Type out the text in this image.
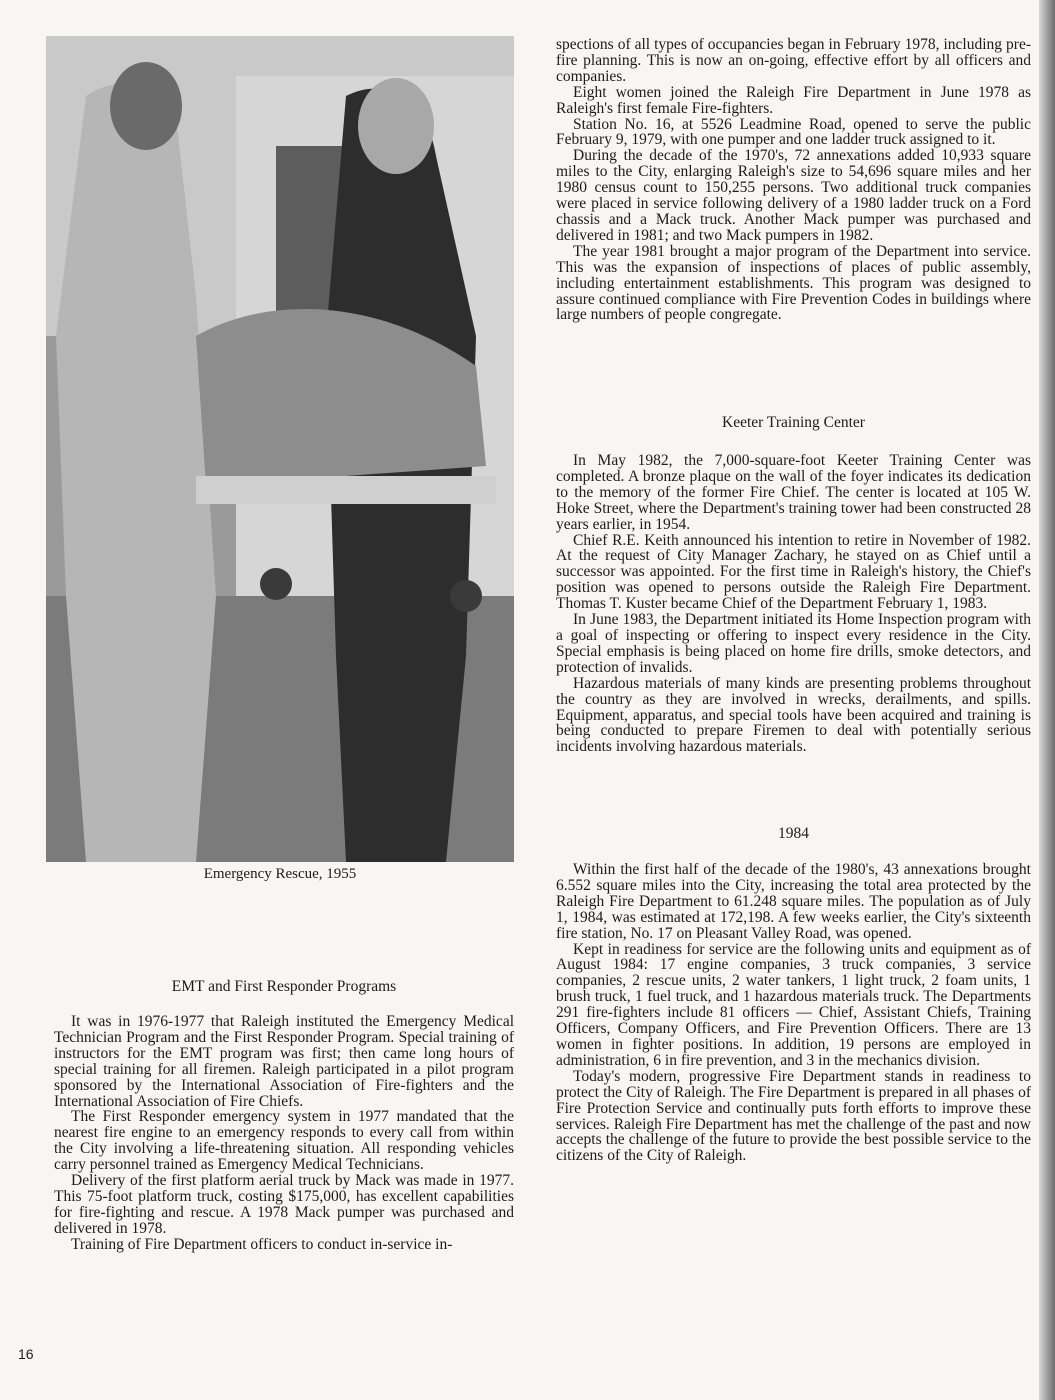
Emergency Rescue, 1955
EMT and First Responder Programs

It was in 1976-1977 that Raleigh instituted the Emergency Medical Technician Program and the First Responder Program. Special training of instructors for the EMT program was first; then came long hours of special training for all firemen. Raleigh participated in a pilot program sponsored by the International Association of Fire-fighters and the International Association of Fire Chiefs.

The First Responder emergency system in 1977 mandated that the nearest fire engine to an emergency responds to every call from within the City involving a life-threatening situation. All responding vehicles carry personnel trained as Emergency Medical Technicians.

Delivery of the first platform aerial truck by Mack was made in 1977. This 75-foot platform truck, costing $175,000, has excellent capabilities for fire-fighting and rescue. A 1978 Mack pumper was purchased and delivered in 1978.

Training of Fire Department officers to conduct in-service in-

spections of all types of occupancies began in February 1978, including pre-fire planning. This is now an on-going, effective effort by all officers and companies.

Eight women joined the Raleigh Fire Department in June 1978 as Raleigh's first female Fire-fighters.

Station No. 16, at 5526 Leadmine Road, opened to serve the public February 9, 1979, with one pumper and one ladder truck assigned to it.

During the decade of the 1970's, 72 annexations added 10,933 square miles to the City, enlarging Raleigh's size to 54,696 square miles and her 1980 census count to 150,255 persons. Two additional truck companies were placed in service following delivery of a 1980 ladder truck on a Ford chassis and a Mack truck. Another Mack pumper was purchased and delivered in 1981; and two Mack pumpers in 1982.

The year 1981 brought a major program of the Department into service. This was the expansion of inspections of places of public assembly, including entertainment establishments. This program was designed to assure continued compliance with Fire Prevention Codes in buildings where large numbers of people congregate.

Keeter Training Center

In May 1982, the 7,000-square-foot Keeter Training Center was completed. A bronze plaque on the wall of the foyer indicates its dedication to the memory of the former Fire Chief. The center is located at 105 W. Hoke Street, where the Department's training tower had been constructed 28 years earlier, in 1954.

Chief R.E. Keith announced his intention to retire in November of 1982. At the request of City Manager Zachary, he stayed on as Chief until a successor was appointed. For the first time in Raleigh's history, the Chief's position was opened to persons outside the Raleigh Fire Department. Thomas T. Kuster became Chief of the Department February 1, 1983.

In June 1983, the Department initiated its Home Inspection program with a goal of inspecting or offering to inspect every residence in the City. Special emphasis is being placed on home fire drills, smoke detectors, and protection of invalids.

Hazardous materials of many kinds are presenting problems throughout the country as they are involved in wrecks, derailments, and spills. Equipment, apparatus, and special tools have been acquired and training is being conducted to prepare Firemen to deal with potentially serious incidents involving hazardous materials.

1984

Within the first half of the decade of the 1980's, 43 annexations brought 6.552 square miles into the City, increasing the total area protected by the Raleigh Fire Department to 61.248 square miles. The population as of July 1, 1984, was estimated at 172,198. A few weeks earlier, the City's sixteenth fire station, No. 17 on Pleasant Valley Road, was opened.

Kept in readiness for service are the following units and equipment as of August 1984: 17 engine companies, 3 truck companies, 3 service companies, 2 rescue units, 2 water tankers, 1 light truck, 2 foam units, 1 brush truck, 1 fuel truck, and 1 hazardous materials truck. The Departments 291 fire-fighters include 81 officers — Chief, Assistant Chiefs, Training Officers, Company Officers, and Fire Prevention Officers. There are 13 women in fighter positions. In addition, 19 persons are employed in administration, 6 in fire prevention, and 3 in the mechanics division.

Today's modern, progressive Fire Department stands in readiness to protect the City of Raleigh. The Fire Department is prepared in all phases of Fire Protection Service and continually puts forth efforts to improve these services. Raleigh Fire Department has met the challenge of the past and now accepts the challenge of the future to provide the best possible service to the citizens of the City of Raleigh.

16
